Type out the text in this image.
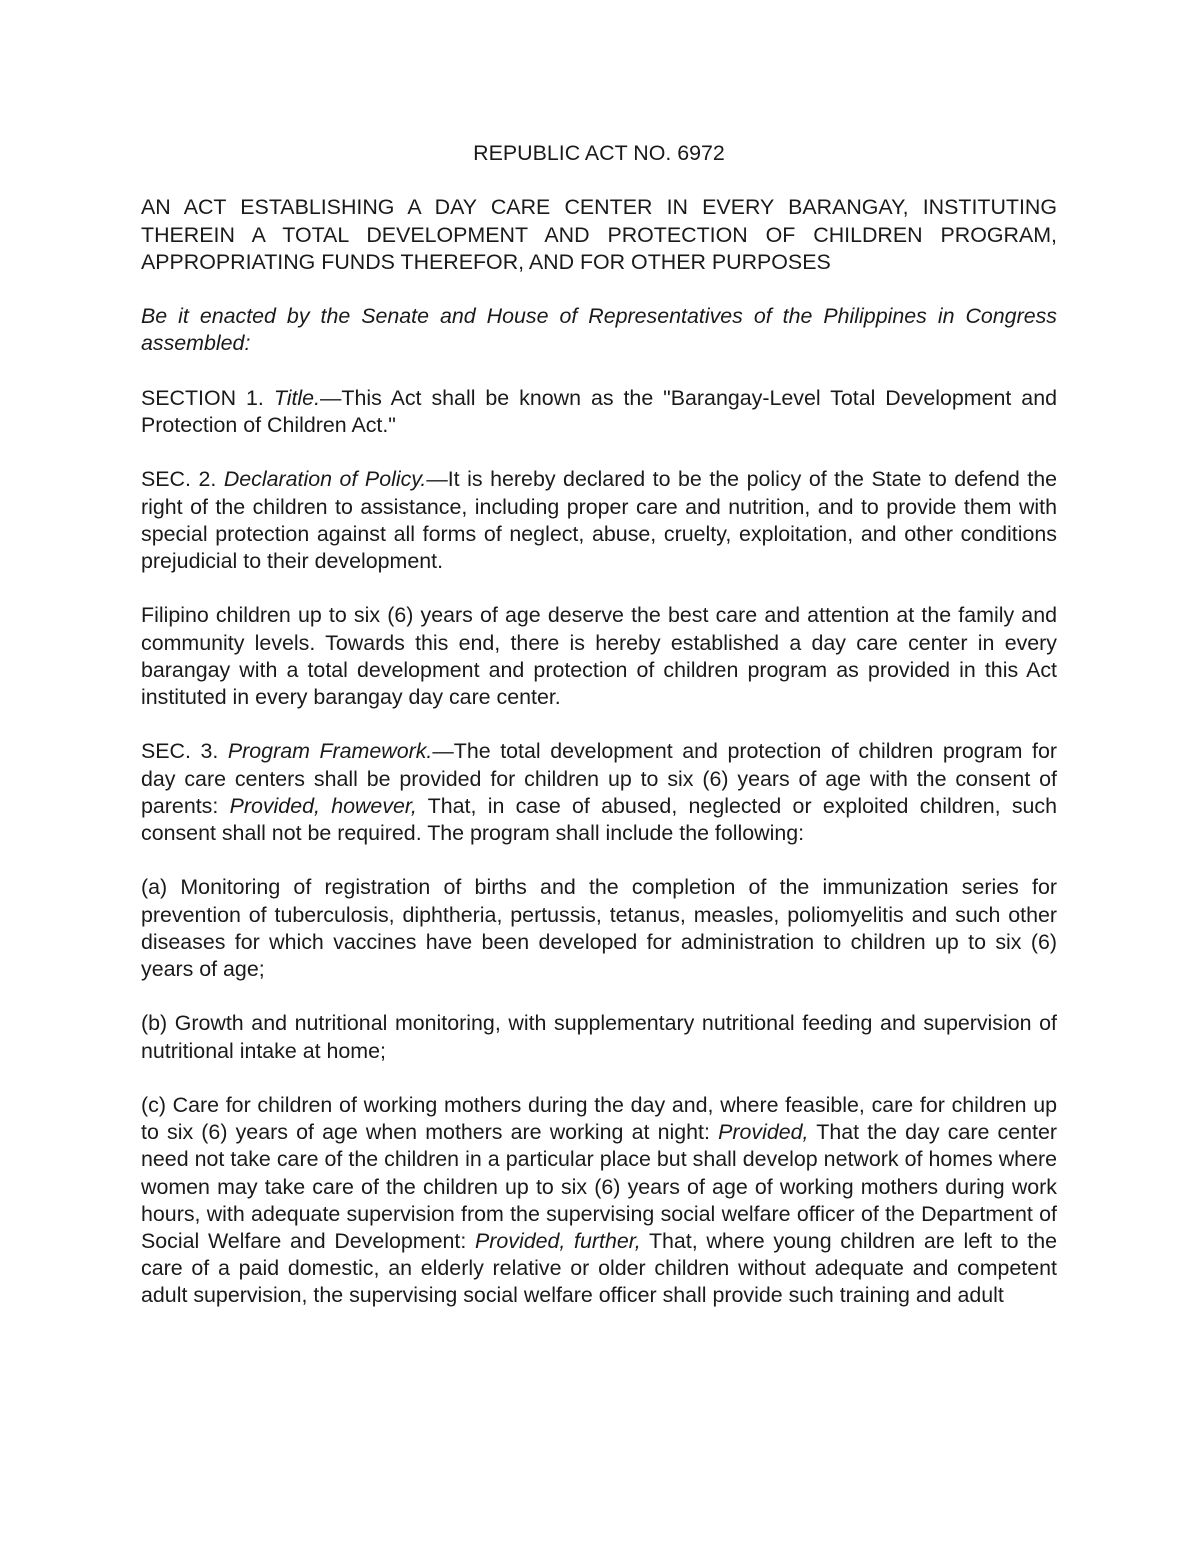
REPUBLIC ACT NO. 6972

AN ACT ESTABLISHING A DAY CARE CENTER IN EVERY BARANGAY, INSTITUTING THEREIN A TOTAL DEVELOPMENT AND PROTECTION OF CHILDREN PROGRAM, APPROPRIATING FUNDS THEREFOR, AND FOR OTHER PURPOSES

Be it enacted by the Senate and House of Representatives of the Philippines in Congress assembled:

SECTION 1. Title.—This Act shall be known as the "Barangay-Level Total Development and Protection of Children Act."

SEC. 2. Declaration of Policy.—It is hereby declared to be the policy of the State to defend the right of the children to assistance, including proper care and nutrition, and to provide them with special protection against all forms of neglect, abuse, cruelty, exploitation, and other conditions prejudicial to their development.

Filipino children up to six (6) years of age deserve the best care and attention at the family and community levels. Towards this end, there is hereby established a day care center in every barangay with a total development and protection of children program as provided in this Act instituted in every barangay day care center.

SEC. 3. Program Framework.—The total development and protection of children program for day care centers shall be provided for children up to six (6) years of age with the consent of parents: Provided, however, That, in case of abused, neglected or exploited children, such consent shall not be required. The program shall include the following:

(a) Monitoring of registration of births and the completion of the immunization series for prevention of tuberculosis, diphtheria, pertussis, tetanus, measles, poliomyelitis and such other diseases for which vaccines have been developed for administration to children up to six (6) years of age;

(b) Growth and nutritional monitoring, with supplementary nutritional feeding and supervision of nutritional intake at home;

(c) Care for children of working mothers during the day and, where feasible, care for children up to six (6) years of age when mothers are working at night: Provided, That the day care center need not take care of the children in a particular place but shall develop network of homes where women may take care of the children up to six (6) years of age of working mothers during work hours, with adequate supervision from the supervising social welfare officer of the Department of Social Welfare and Development: Provided, further, That, where young children are left to the care of a paid domestic, an elderly relative or older children without adequate and competent adult supervision, the supervising social welfare officer shall provide such training and adult
